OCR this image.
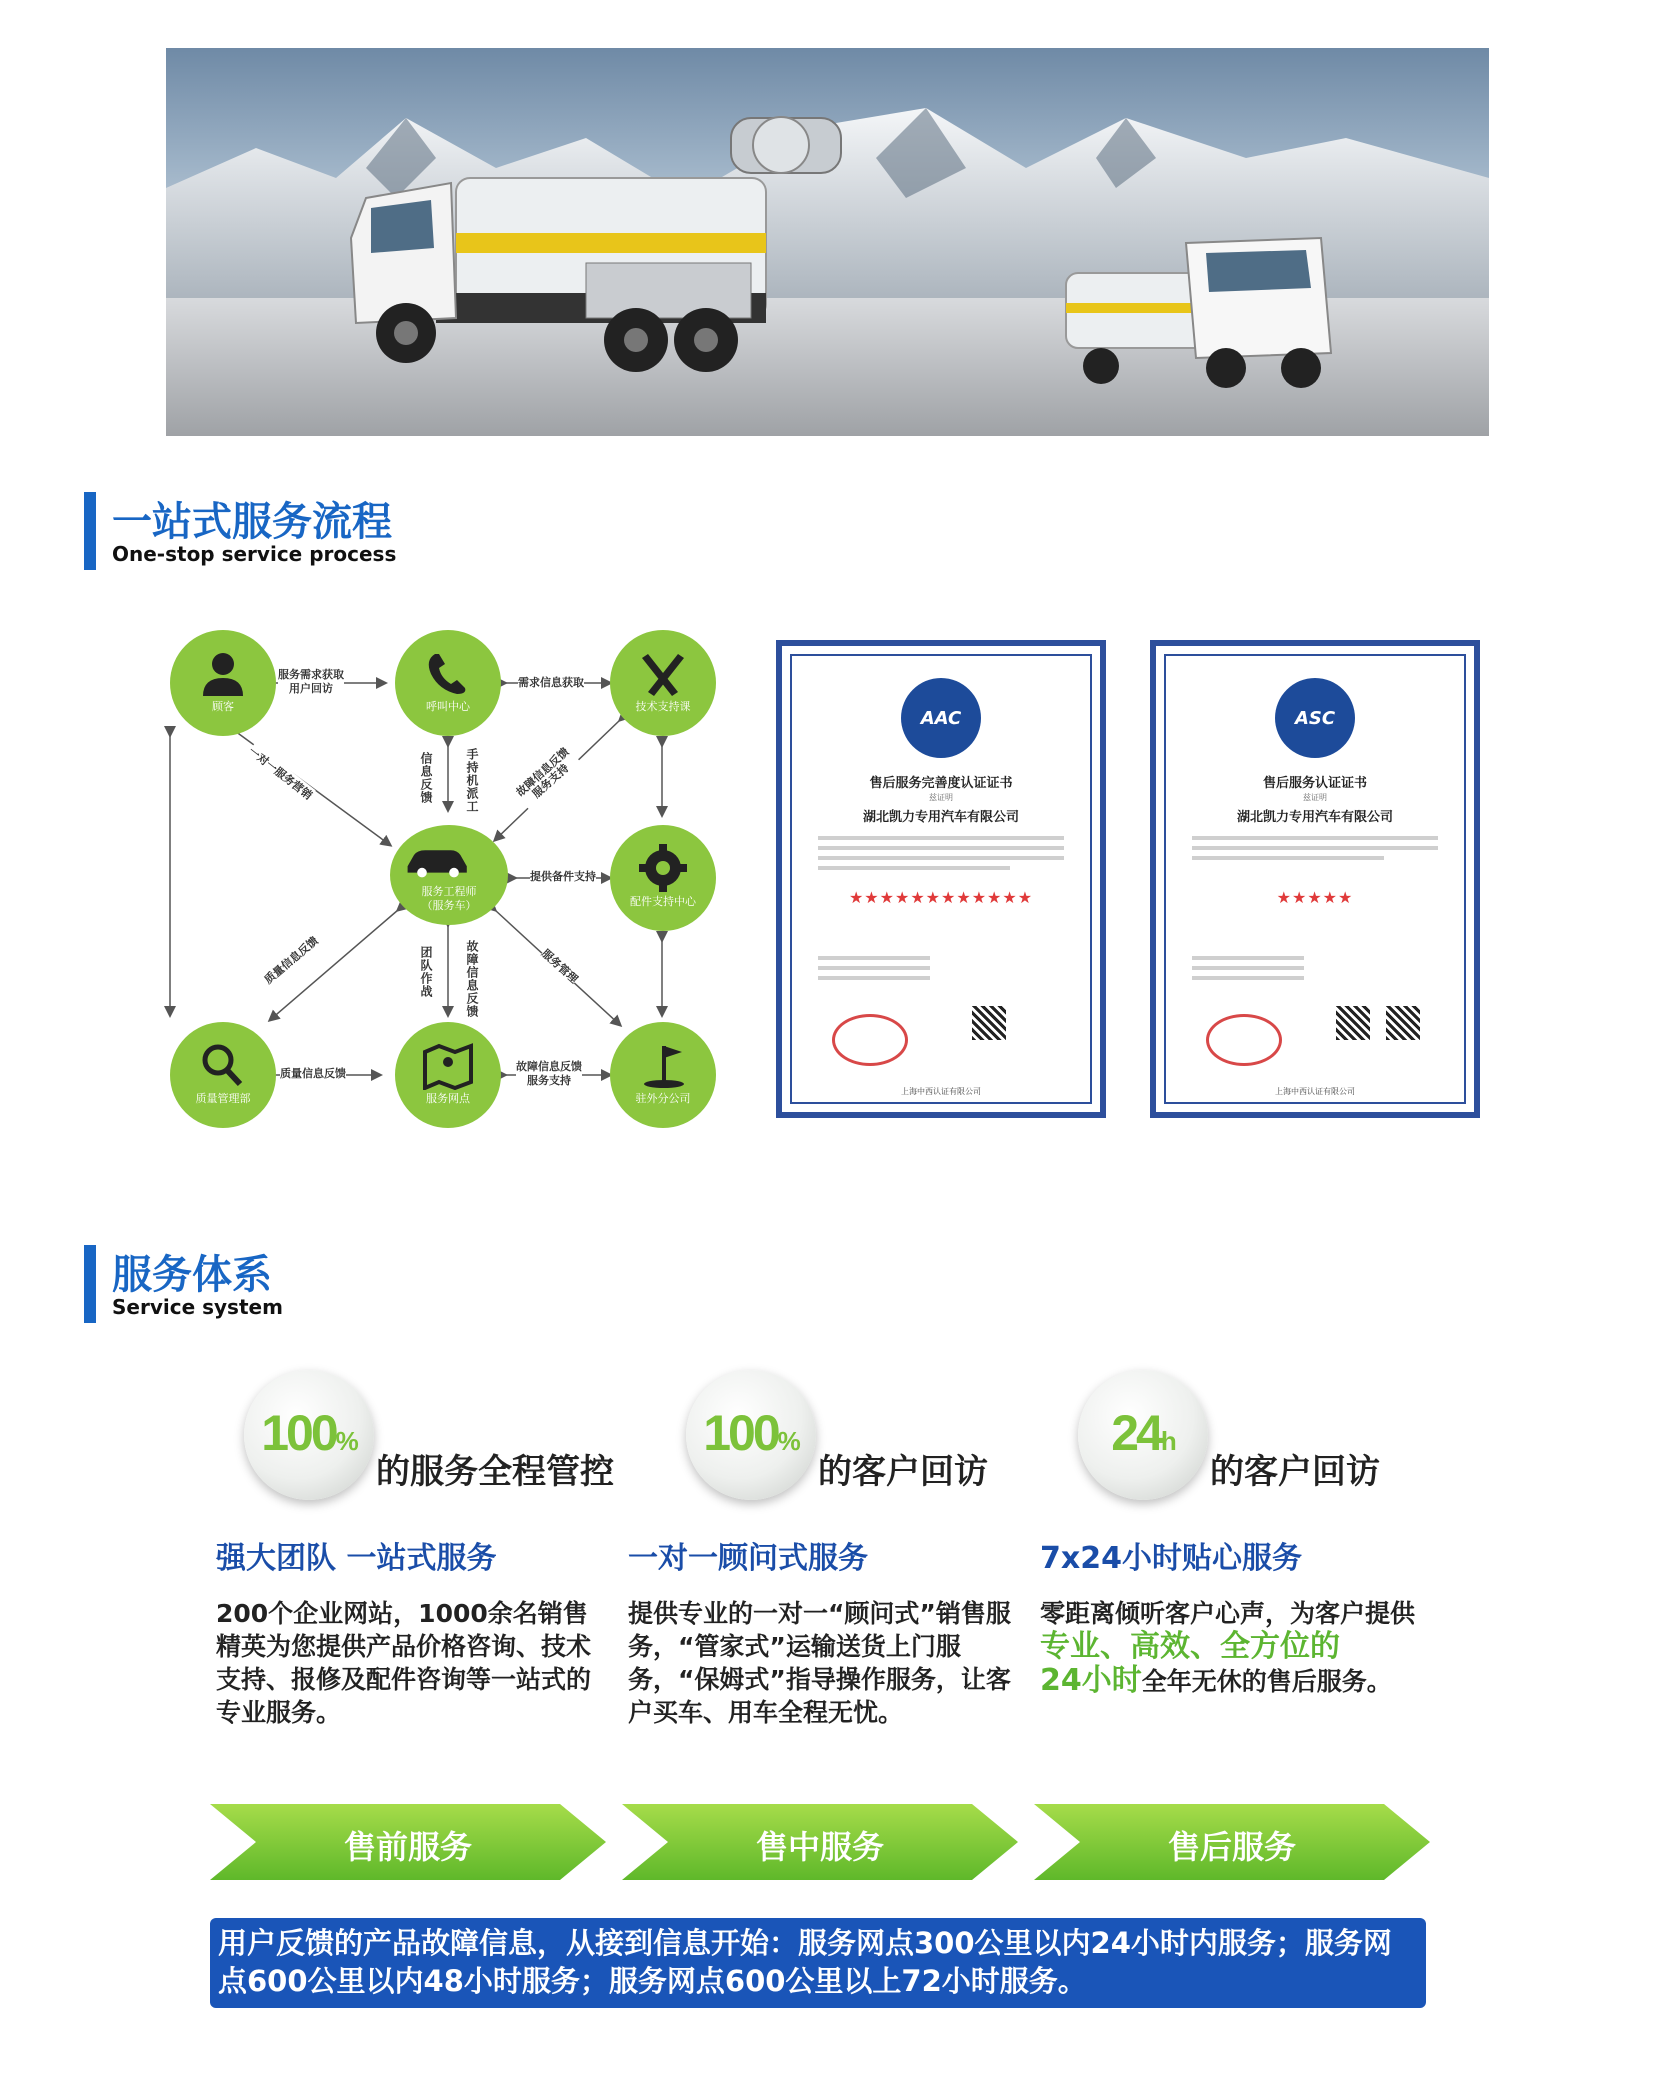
一站式服务流程
One-stop service process
顾客	呼叫中心	技术支持课
服务工程师
（服务车）	配件支持中心
质量管理部	服务网点	驻外分公司
服务需求获取
用户回访	需求信息获取
信息反馈	手持机派工
一对一服务营销	故障信息反馈服务支持
提供备件支持
质量信息反馈	团队作战	故障信息反馈	服务管理
质量信息反馈
故障信息反馈
服务支持
AAC
售后服务完善度认证证书
兹证明
湖北凯力专用汽车有限公司
★★★★★★★★★★★★
上海中西认证有限公司
ASC
售后服务认证证书
兹证明
湖北凯力专用汽车有限公司
★★★★★
上海中西认证有限公司
服务体系
Service system
100%
的服务全程管控
100%
的客户回访
24h
的客户回访
强大团队 一站式服务	一对一顾问式服务	7x24小时贴心服务
200个企业网站，1000余名销售精英为您提供产品价格咨询、技术支持、报修及配件咨询等一站式的专业服务。
提供专业的一对一“顾问式”销售服务，“管家式”运输送货上门服务，“保姆式”指导操作服务，让客户买车、用车全程无忧。
零距离倾听客户心声，为客户提供专业、高效、全方位的
24小时全年无休的售后服务。
售前服务	售中服务	售后服务
用户反馈的产品故障信息，从接到信息开始：服务网点300公里以内24小时内服务；服务网点600公里以内48小时服务；服务网点600公里以上72小时服务。
